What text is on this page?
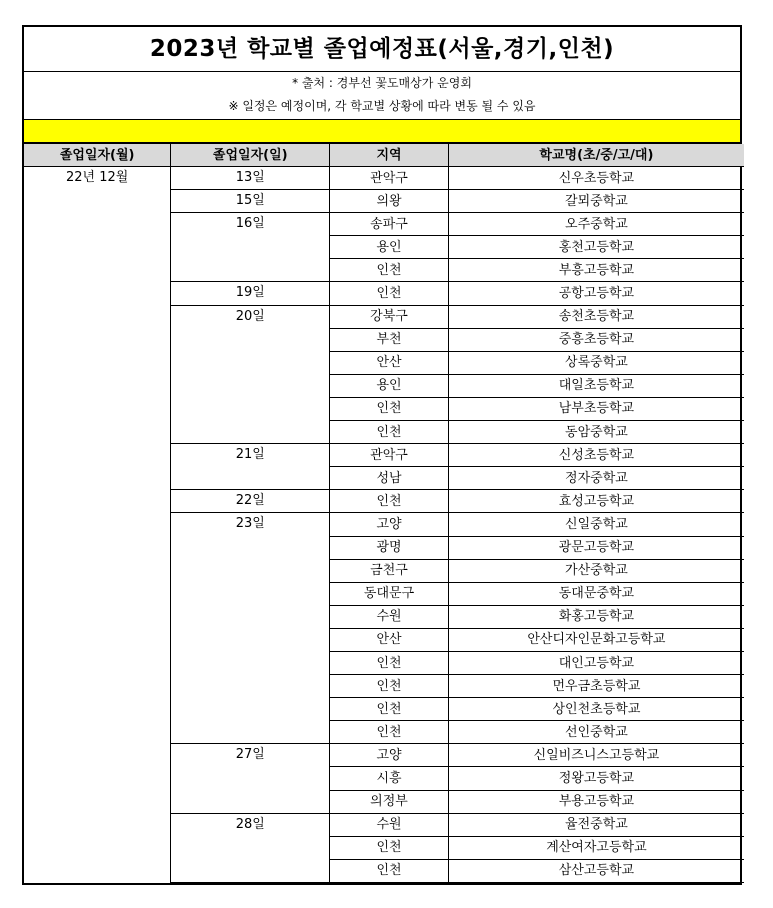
2023년 학교별 졸업예정표(서울,경기,인천)
* 출처 : 경부선 꽃도매상가 운영회
※ 일정은 예정이며, 각 학교별 상황에 따라 변동 될 수 있음
졸업일자(월)	졸업일자(일)	지역	학교명(초/중/고/대)
22년 12월	13일	관악구	신우초등학교
	15일	의왕	갈뫼중학교
	16일	송파구	오주중학교
		용인	홍천고등학교
		인천	부흥고등학교
	19일	인천	공항고등학교
	20일	강북구	송천초등학교
		부천	중흥초등학교
		안산	상록중학교
		용인	대일초등학교
		인천	남부초등학교
		인천	동암중학교
	21일	관악구	신성초등학교
		성남	정자중학교
	22일	인천	효성고등학교
	23일	고양	신일중학교
		광명	광문고등학교
		금천구	가산중학교
		동대문구	동대문중학교
		수원	화홍고등학교
		안산	안산디자인문화고등학교
		인천	대인고등학교
		인천	먼우금초등학교
		인천	상인천초등학교
		인천	선인중학교
	27일	고양	신일비즈니스고등학교
		시흥	정왕고등학교
		의정부	부용고등학교
	28일	수원	율전중학교
		인천	계산여자고등학교
		인천	삼산고등학교
